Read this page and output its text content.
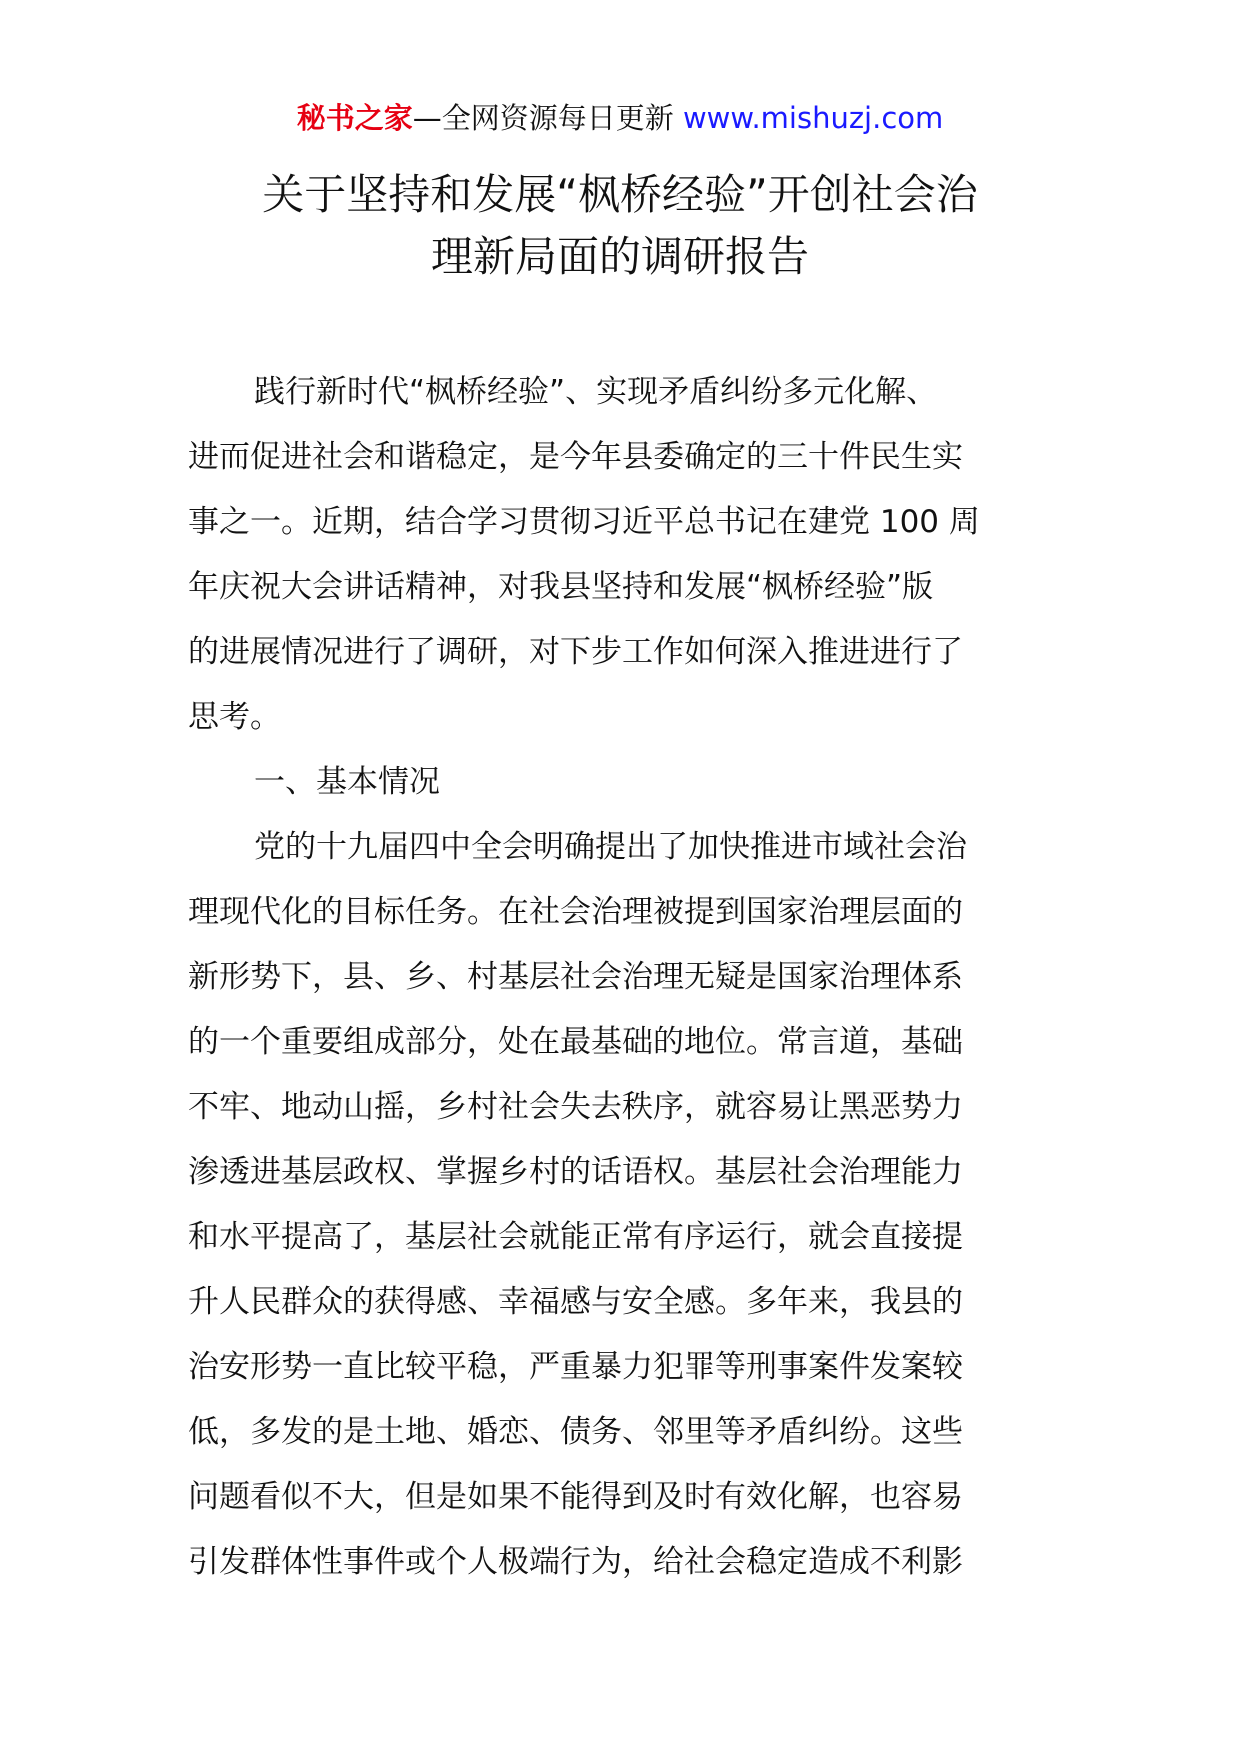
秘书之家—全网资源每日更新 www.mishuzj.com
关于坚持和发展“枫桥经验”开创社会治
理新局面的调研报告

践行新时代“枫桥经验”、实现矛盾纠纷多元化解、

进而促进社会和谐稳定，是今年县委确定的三十件民生实

事之一。近期，结合学习贯彻习近平总书记在建党 100 周

年庆祝大会讲话精神，对我县坚持和发展“枫桥经验”版

的进展情况进行了调研，对下步工作如何深入推进进行了

思考。

一、基本情况

党的十九届四中全会明确提出了加快推进市域社会治

理现代化的目标任务。在社会治理被提到国家治理层面的

新形势下，县、乡、村基层社会治理无疑是国家治理体系

的一个重要组成部分，处在最基础的地位。常言道，基础

不牢、地动山摇，乡村社会失去秩序，就容易让黑恶势力

渗透进基层政权、掌握乡村的话语权。基层社会治理能力

和水平提高了，基层社会就能正常有序运行，就会直接提

升人民群众的获得感、幸福感与安全感。多年来，我县的

治安形势一直比较平稳，严重暴力犯罪等刑事案件发案较

低，多发的是土地、婚恋、债务、邻里等矛盾纠纷。这些

问题看似不大，但是如果不能得到及时有效化解，也容易

引发群体性事件或个人极端行为，给社会稳定造成不利影
